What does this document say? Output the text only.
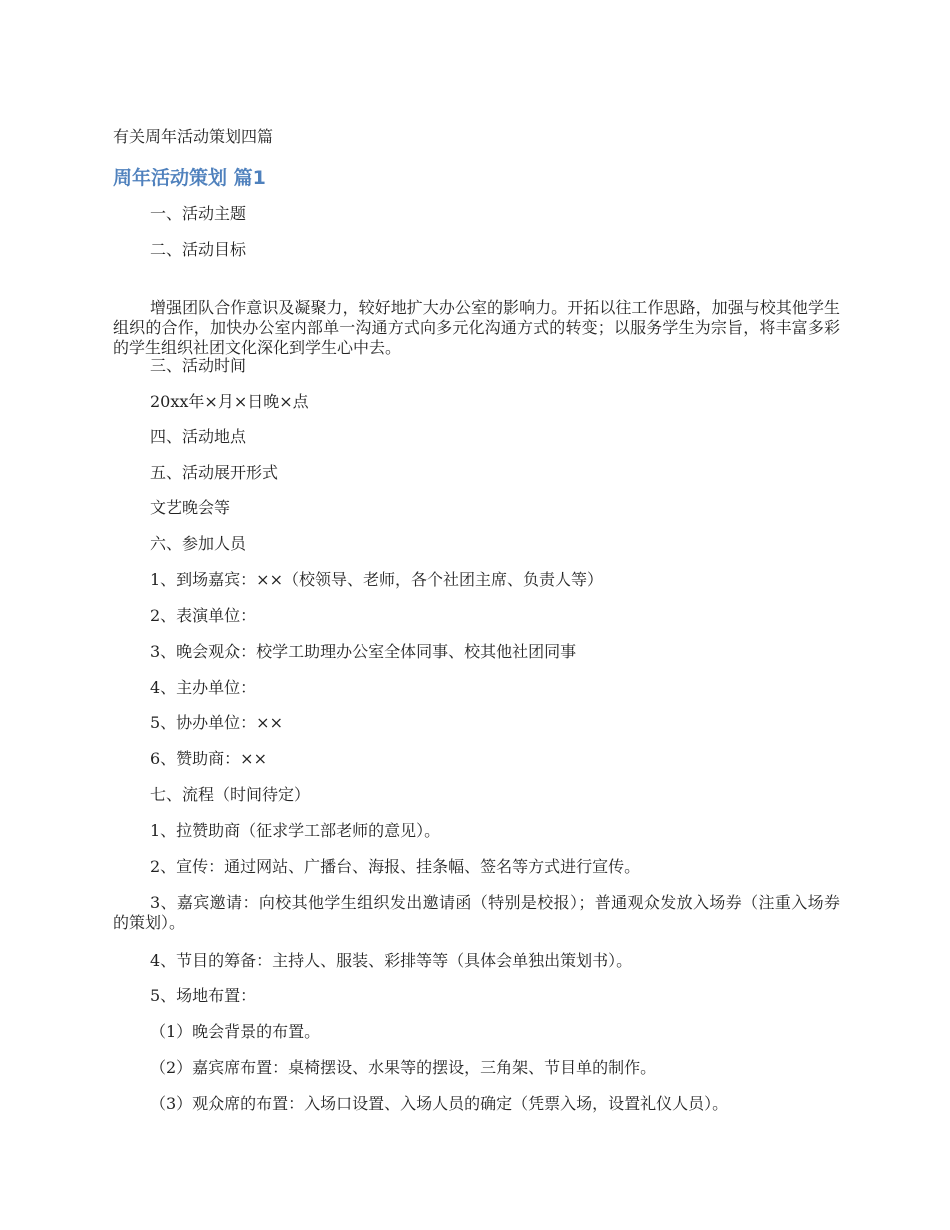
有关周年活动策划四篇
周年活动策划 篇1

一、活动主题

二、活动目标

增强团队合作意识及凝聚力，较好地扩大办公室的影响力。开拓以往工作思路，加强与校其他学生组织的合作，加快办公室内部单一沟通方式向多元化沟通方式的转变；以服务学生为宗旨，将丰富多彩的学生组织社团文化深化到学生心中去。

三、活动时间

20xx年×月×日晚×点

四、活动地点

五、活动展开形式

文艺晚会等

六、参加人员

1、到场嘉宾：××（校领导、老师，各个社团主席、负责人等）

2、表演单位：

3、晚会观众：校学工助理办公室全体同事、校其他社团同事

4、主办单位：

5、协办单位：××

6、赞助商：××

七、流程（时间待定）

1、拉赞助商（征求学工部老师的意见）。

2、宣传：通过网站、广播台、海报、挂条幅、签名等方式进行宣传。

3、嘉宾邀请：向校其他学生组织发出邀请函（特别是校报）；普通观众发放入场券（注重入场券的策划）。

4、节目的筹备：主持人、服装、彩排等等（具体会单独出策划书）。

5、场地布置：

（1）晚会背景的布置。

（2）嘉宾席布置：桌椅摆设、水果等的摆设，三角架、节目单的制作。

（3）观众席的布置：入场口设置、入场人员的确定（凭票入场，设置礼仪人员）。
